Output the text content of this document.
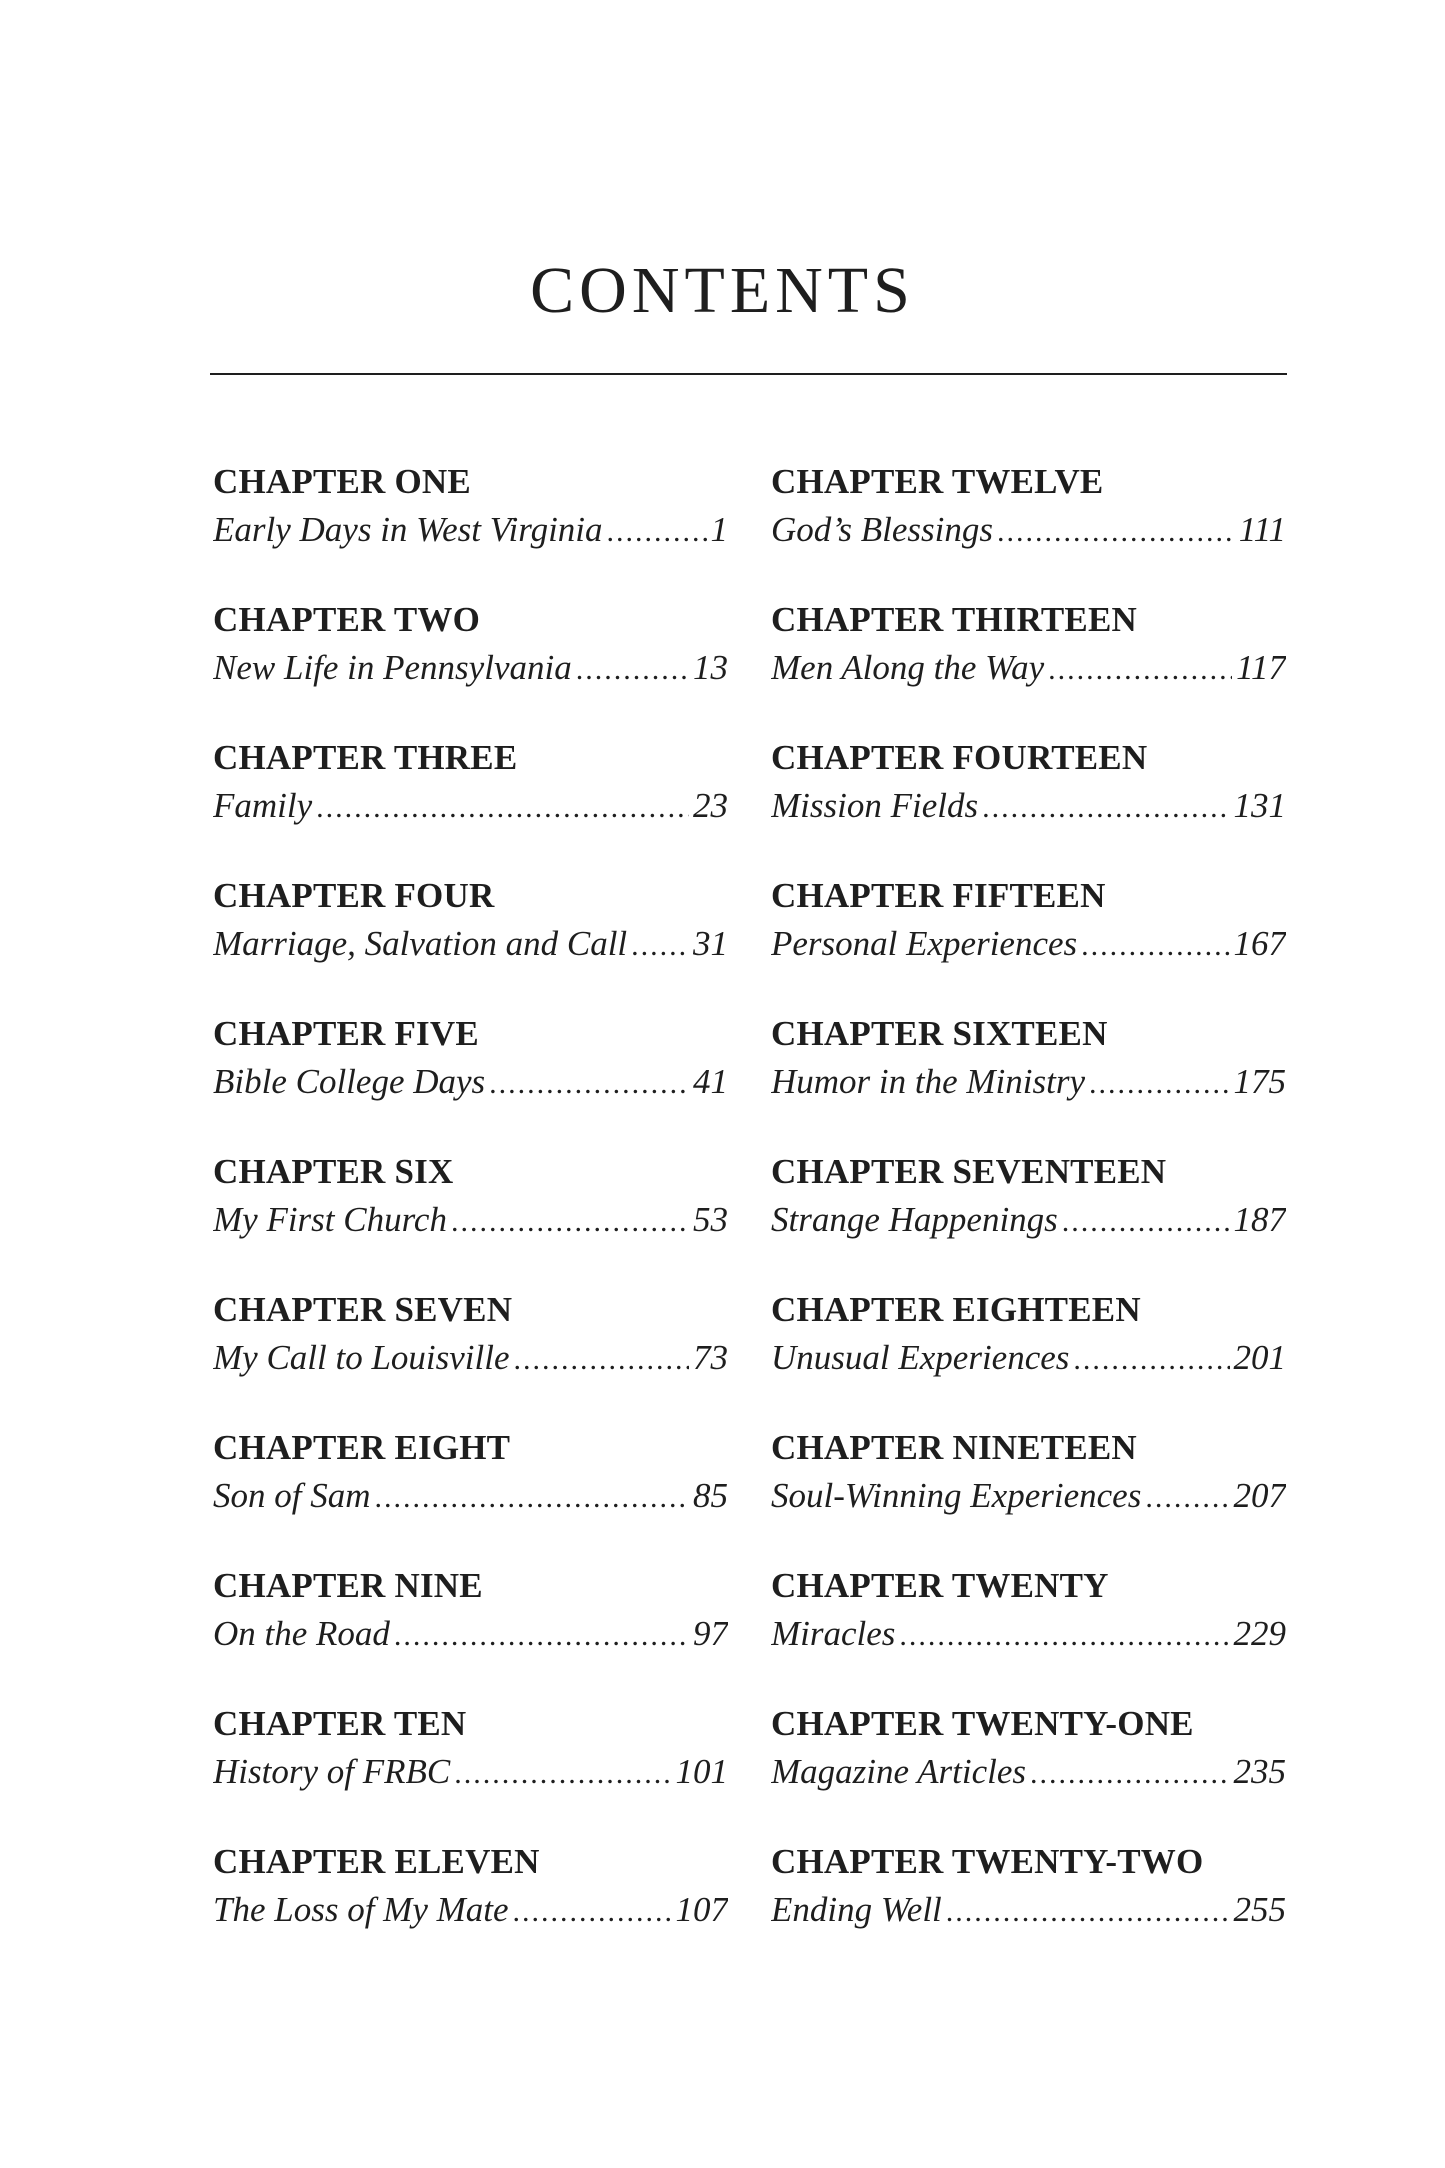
CONTENTS
CHAPTER ONE
Early Days in West Virginia .....	1
CHAPTER TWO
New Life in Pennsylvania .....	13
CHAPTER THREE
Family .....	23
CHAPTER FOUR
Marriage, Salvation and Call ..... 31
CHAPTER FIVE
Bible College Days .....	41
CHAPTER SIX
My First Church .....	53
CHAPTER SEVEN
My Call to Louisville .....	73
CHAPTER EIGHT
Son of Sam .....	85
CHAPTER NINE
On the Road .....	97
CHAPTER TEN
History of FRBC .....	101
CHAPTER ELEVEN
The Loss of My Mate .....	107
CHAPTER TWELVE
God’s Blessings .....	111
CHAPTER THIRTEEN
Men Along the Way .....	117
CHAPTER FOURTEEN
Mission Fields .....	131
CHAPTER FIFTEEN
Personal Experiences .....	167
CHAPTER SIXTEEN
Humor in the Ministry .....	175
CHAPTER SEVENTEEN
Strange Happenings .....	187
CHAPTER EIGHTEEN
Unusual Experiences .....	201
CHAPTER NINETEEN
Soul-Winning Experiences .....	207
CHAPTER TWENTY
Miracles .....	229
CHAPTER TWENTY-ONE
Magazine Articles .....	235
CHAPTER TWENTY-TWO
Ending Well .....	255
